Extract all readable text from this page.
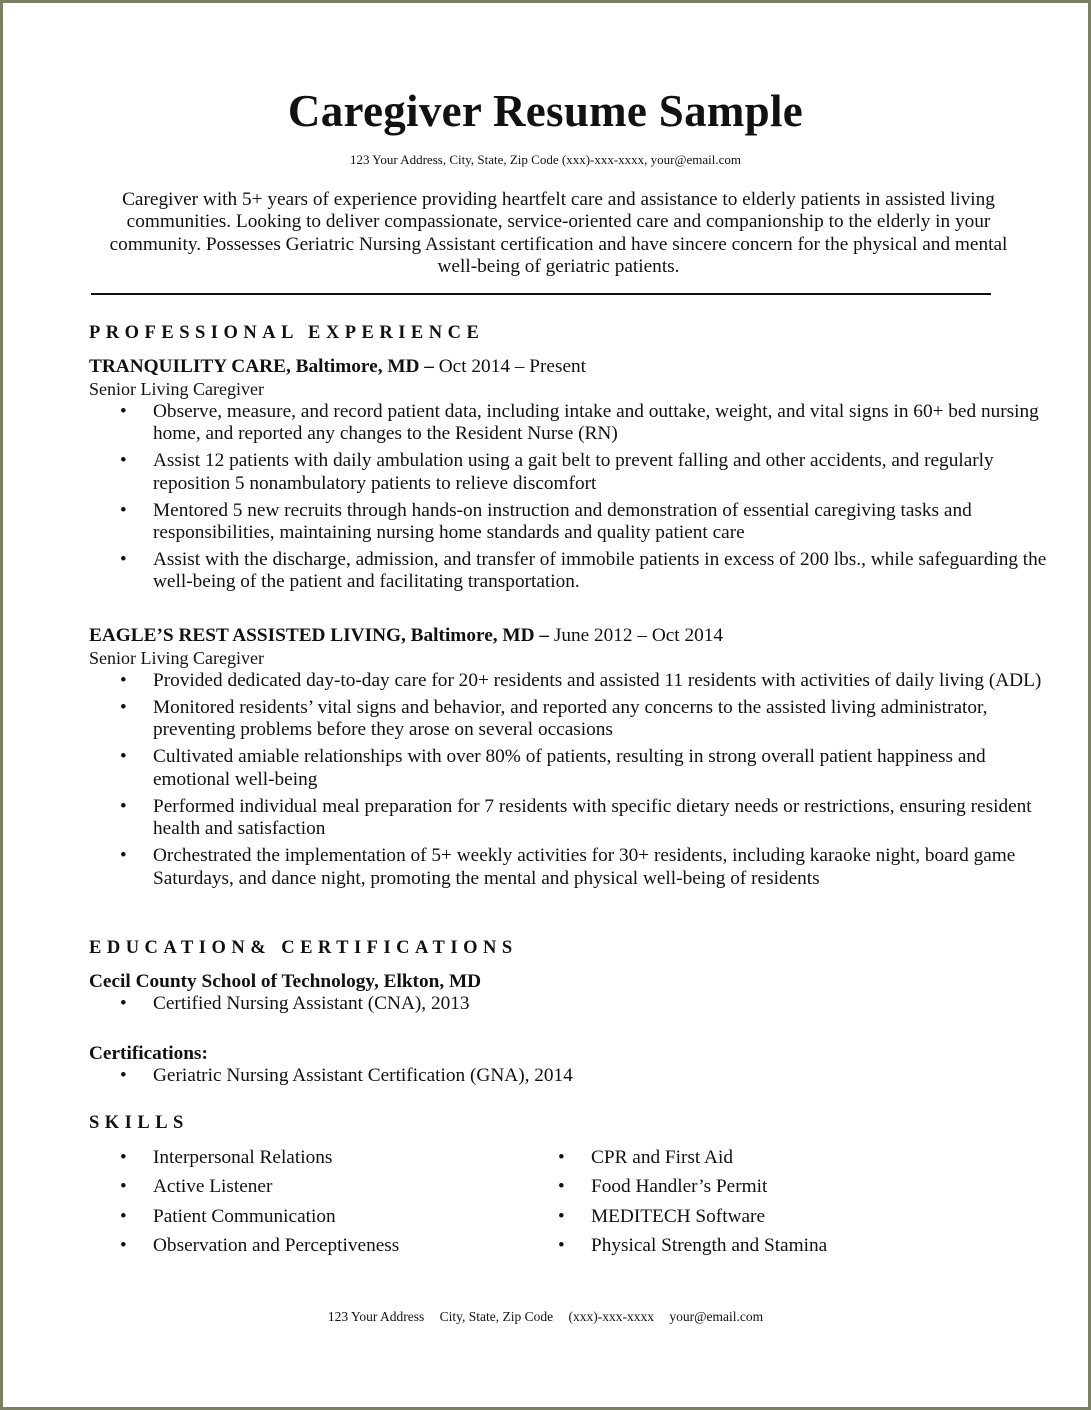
Caregiver Resume Sample
123 Your Address, City, State, Zip Code (xxx)-xxx-xxxx, your@email.com
Caregiver with 5+ years of experience providing heartfelt care and assistance to elderly patients in assisted living communities. Looking to deliver compassionate, service-oriented care and companionship to the elderly in your community. Possesses Geriatric Nursing Assistant certification and have sincere concern for the physical and mental well-being of geriatric patients.
PROFESSIONAL EXPERIENCE
TRANQUILITY CARE, Baltimore, MD – Oct 2014 – Present
Senior Living Caregiver
• Observe, measure, and record patient data, including intake and outtake, weight, and vital signs in 60+ bed nursing home, and reported any changes to the Resident Nurse (RN)
• Assist 12 patients with daily ambulation using a gait belt to prevent falling and other accidents, and regularly reposition 5 nonambulatory patients to relieve discomfort
• Mentored 5 new recruits through hands-on instruction and demonstration of essential caregiving tasks and responsibilities, maintaining nursing home standards and quality patient care
• Assist with the discharge, admission, and transfer of immobile patients in excess of 200 lbs., while safeguarding the well-being of the patient and facilitating transportation.
EAGLE’S REST ASSISTED LIVING, Baltimore, MD – June 2012 – Oct 2014
Senior Living Caregiver
• Provided dedicated day-to-day care for 20+ residents and assisted 11 residents with activities of daily living (ADL)
• Monitored residents’ vital signs and behavior, and reported any concerns to the assisted living administrator, preventing problems before they arose on several occasions
• Cultivated amiable relationships with over 80% of patients, resulting in strong overall patient happiness and emotional well-being
• Performed individual meal preparation for 7 residents with specific dietary needs or restrictions, ensuring resident health and satisfaction
• Orchestrated the implementation of 5+ weekly activities for 30+ residents, including karaoke night, board game Saturdays, and dance night, promoting the mental and physical well-being of residents
EDUCATION& CERTIFICATIONS
Cecil County School of Technology, Elkton, MD
• Certified Nursing Assistant (CNA), 2013
Certifications:
• Geriatric Nursing Assistant Certification (GNA), 2014
SKILLS
• Interpersonal Relations
• Active Listener
• Patient Communication
• Observation and Perceptiveness
• CPR and First Aid
• Food Handler’s Permit
• MEDITECH Software
• Physical Strength and Stamina
123 Your Address City, State, Zip Code (xxx)-xxx-xxxx your@email.com
